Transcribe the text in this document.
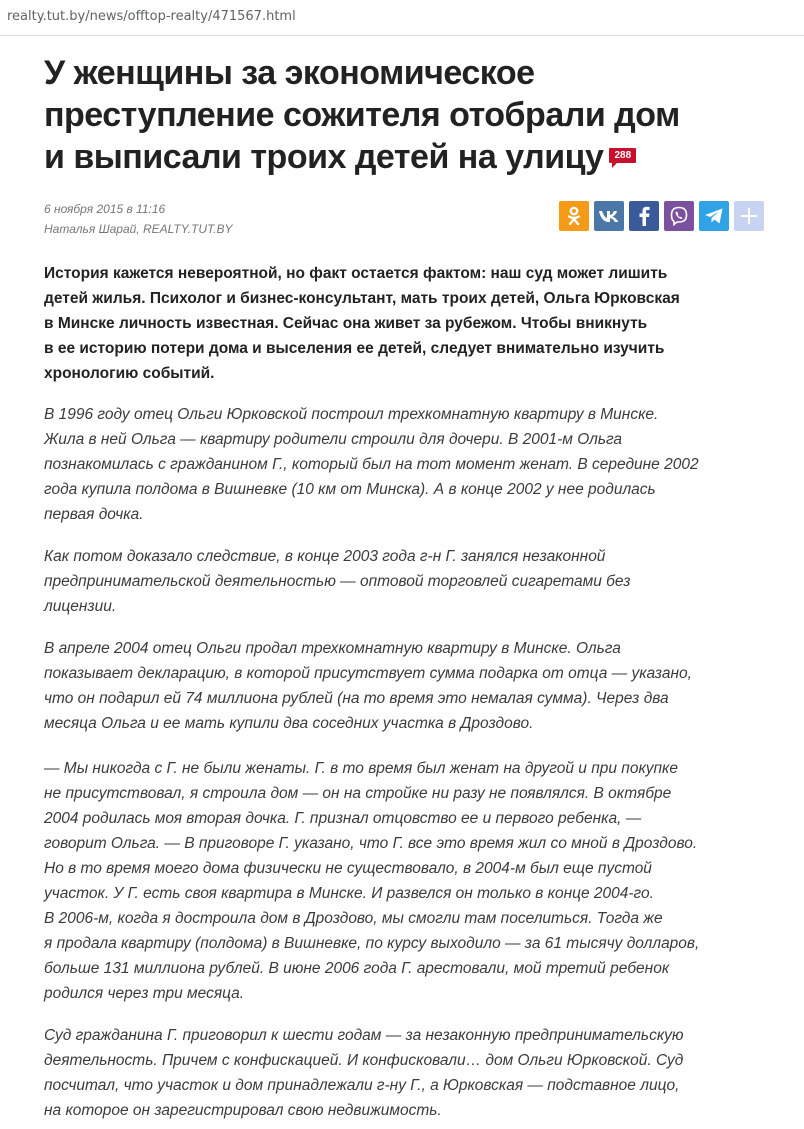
realty.tut.by/news/offtop-realty/471567.html
У женщины за экономическое
преступление сожителя отобрали дом
и выписали троих детей на улицу 288
6 ноября 2015 в 11:16
Наталья Шарай, REALTY.TUT.BY
История кажется невероятной, но факт остается фактом: наш суд может лишить
детей жилья. Психолог и бизнес-консультант, мать троих детей, Ольга Юрковская
в Минске личность известная. Сейчас она живет за рубежом. Чтобы вникнуть
в ее историю потери дома и выселения ее детей, следует внимательно изучить
хронологию событий.
В 1996 году отец Ольги Юрковской построил трехкомнатную квартиру в Минске.
Жила в ней Ольга — квартиру родители строили для дочери. В 2001-м Ольга
познакомилась с гражданином Г., который был на тот момент женат. В середине 2002
года купила полдома в Вишневке (10 км от Минска). А в конце 2002 у нее родилась
первая дочка.
Как потом доказало следствие, в конце 2003 года г-н Г. занялся незаконной
предпринимательской деятельностью — оптовой торговлей сигаретами без
лицензии.
В апреле 2004 отец Ольги продал трехкомнатную квартиру в Минске. Ольга
показывает декларацию, в которой присутствует сумма подарка от отца — указано,
что он подарил ей 74 миллиона рублей (на то время это немалая сумма). Через два
месяца Ольга и ее мать купили два соседних участка в Дроздово.
— Мы никогда с Г. не были женаты. Г. в то время был женат на другой и при покупке
не присутствовал, я строила дом — он на стройке ни разу не появлялся. В октябре
2004 родилась моя вторая дочка. Г. признал отцовство ее и первого ребенка, —
говорит Ольга. — В приговоре Г. указано, что Г. все это время жил со мной в Дроздово.
Но в то время моего дома физически не существовало, в 2004-м был еще пустой
участок. У Г. есть своя квартира в Минске. И развелся он только в конце 2004-го.
В 2006-м, когда я достроила дом в Дроздово, мы смогли там поселиться. Тогда же
я продала квартиру (полдома) в Вишневке, по курсу выходило — за 61 тысячу долларов,
больше 131 миллиона рублей. В июне 2006 года Г. арестовали, мой третий ребенок
родился через три месяца.
Суд гражданина Г. приговорил к шести годам — за незаконную предпринимательскую
деятельность. Причем с конфискацией. И конфисковали… дом Ольги Юрковской. Суд
посчитал, что участок и дом принадлежали г-ну Г., а Юрковская — подставное лицо,
на которое он зарегистрировал свою недвижимость.
